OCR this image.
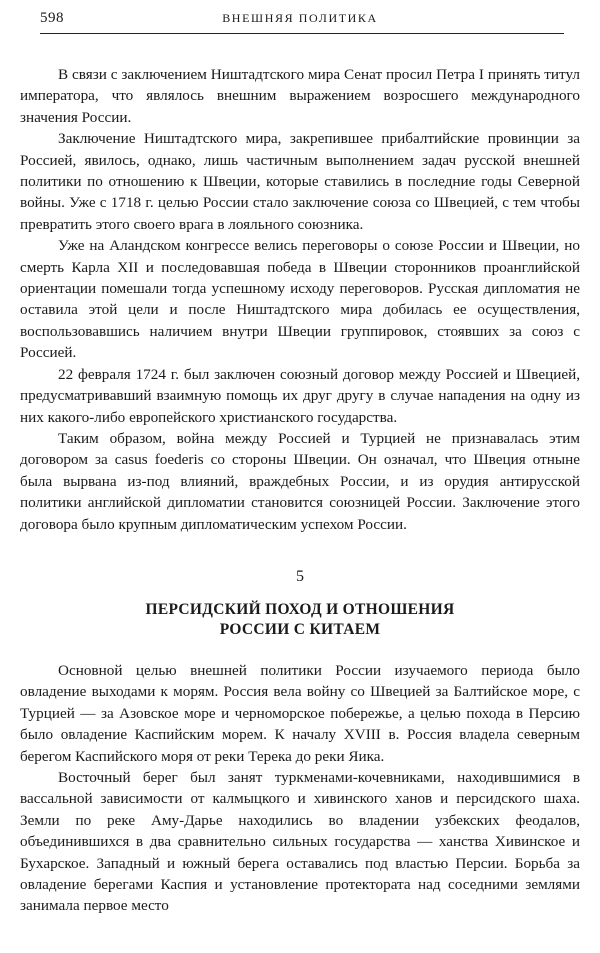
598	ВНЕШНЯЯ ПОЛИТИКА

В связи с заключением Ништадтского мира Сенат просил Петра I принять титул императора, что являлось внешним выражением возросшего международного значения России.

Заключение Ништадтского мира, закрепившее прибалтийские провинции за Россией, явилось, однако, лишь частичным выполнением задач русской внешней политики по отношению к Швеции, которые ставились в последние годы Северной войны. Уже с 1718 г. целью России стало заключение союза со Швецией, с тем чтобы превратить этого своего врага в лояльного союзника.

Уже на Аландском конгрессе велись переговоры о союзе России и Швеции, но смерть Карла XII и последовавшая победа в Швеции сторонников проанглийской ориентации помешали тогда успешному исходу переговоров. Русская дипломатия не оставила этой цели и после Ништадтского мира добилась ее осуществления, воспользовавшись наличием внутри Швеции группировок, стоявших за союз с Россией.

22 февраля 1724 г. был заключен союзный договор между Россией и Швецией, предусматривавший взаимную помощь их друг другу в случае нападения на одну из них какого-либо европейского христианского государства.

Таким образом, война между Россией и Турцией не признавалась этим договором за casus foederis со стороны Швеции. Он означал, что Швеция отныне была вырвана из-под влияний, враждебных России, и из орудия антирусской политики английской дипломатии становится союзницей России. Заключение этого договора было крупным дипломатическим успехом России.

5
ПЕРСИДСКИЙ ПОХОД И ОТНОШЕНИЯ
РОССИИ С КИТАЕМ

Основной целью внешней политики России изучаемого периода было овладение выходами к морям. Россия вела войну со Швецией за Балтийское море, с Турцией — за Азовское море и черноморское побережье, а целью похода в Персию было овладение Каспийским морем. К началу XVIII в. Россия владела северным берегом Каспийского моря от реки Терека до реки Яика.

Восточный берег был занят туркменами-кочевниками, находившимися в вассальной зависимости от калмыцкого и хивинского ханов и персидского шаха. Земли по реке Аму-Дарье находились во владении узбекских феодалов, объединившихся в два сравнительно сильных государства — ханства Хивинское и Бухарское. Западный и южный берега оставались под властью Персии. Борьба за овладение берегами Каспия и установление протектората над соседними землями занимала первое место
